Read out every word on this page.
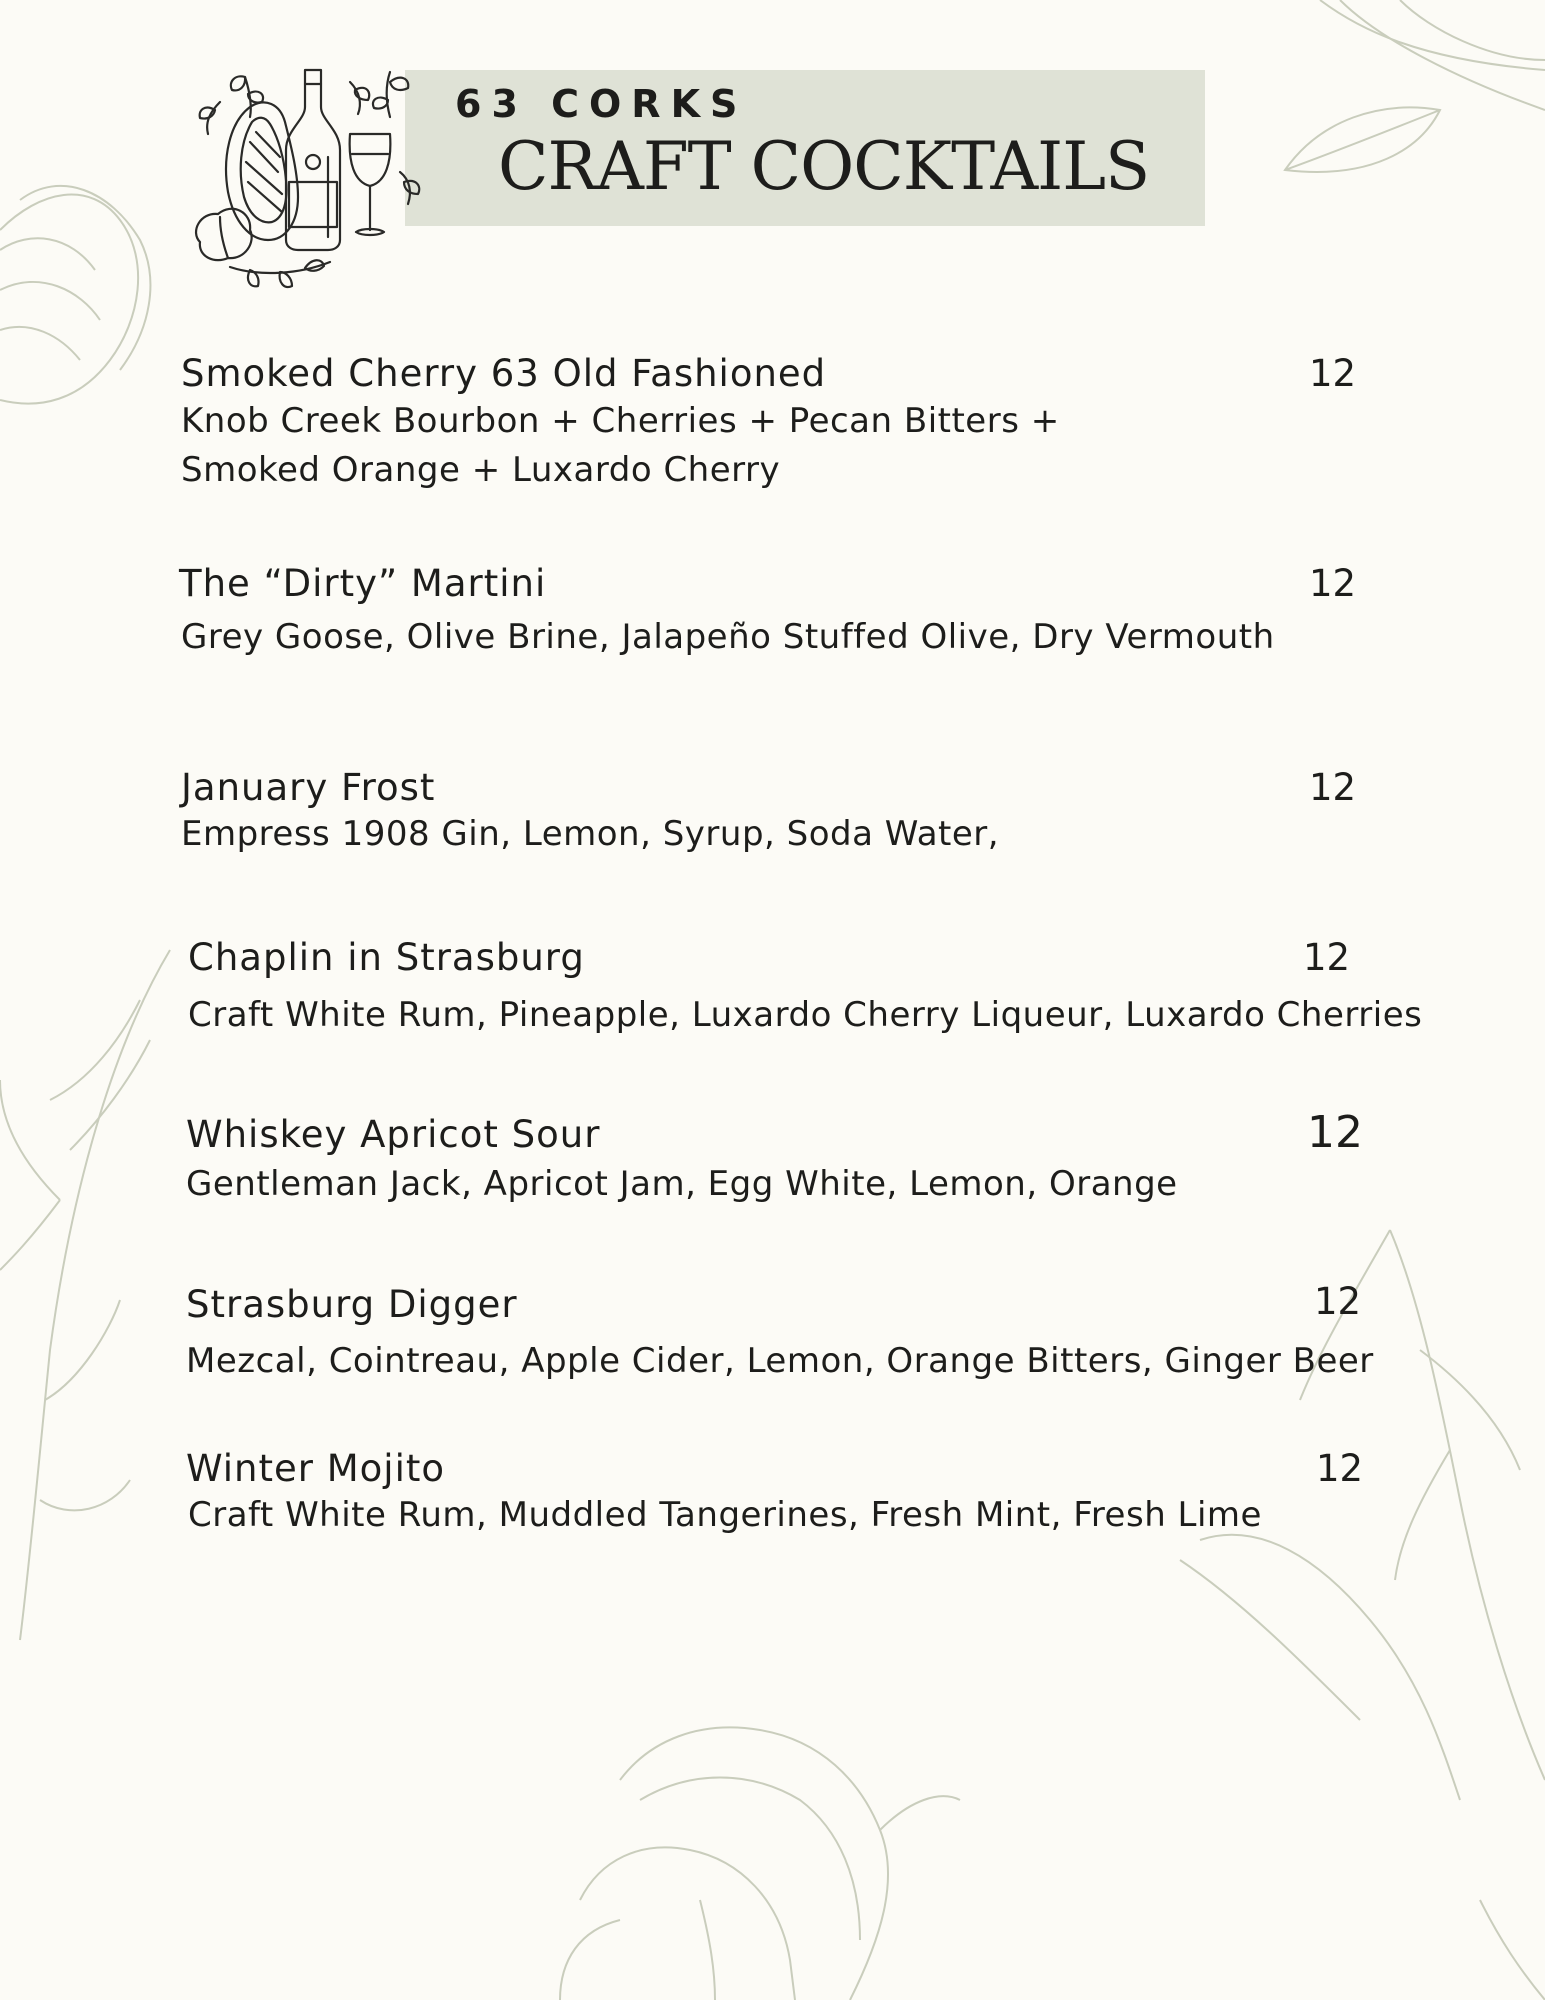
63 CORKS
CRAFT COCKTAILS
Smoked Cherry 63 Old Fashioned	12
Knob Creek Bourbon + Cherries + Pecan Bitters + Smoked Orange + Luxardo Cherry
The “Dirty” Martini	12
Grey Goose, Olive Brine, Jalapeño Stuffed Olive, Dry Vermouth
January Frost	12
Empress 1908 Gin, Lemon, Syrup, Soda Water,
Chaplin in Strasburg	12
Craft White Rum, Pineapple, Luxardo Cherry Liqueur, Luxardo Cherries
Whiskey Apricot Sour	12
Gentleman Jack, Apricot Jam, Egg White, Lemon, Orange
Strasburg Digger	12
Mezcal, Cointreau, Apple Cider, Lemon, Orange Bitters, Ginger Beer
Winter Mojito	12
Craft White Rum, Muddled Tangerines, Fresh Mint, Fresh Lime
